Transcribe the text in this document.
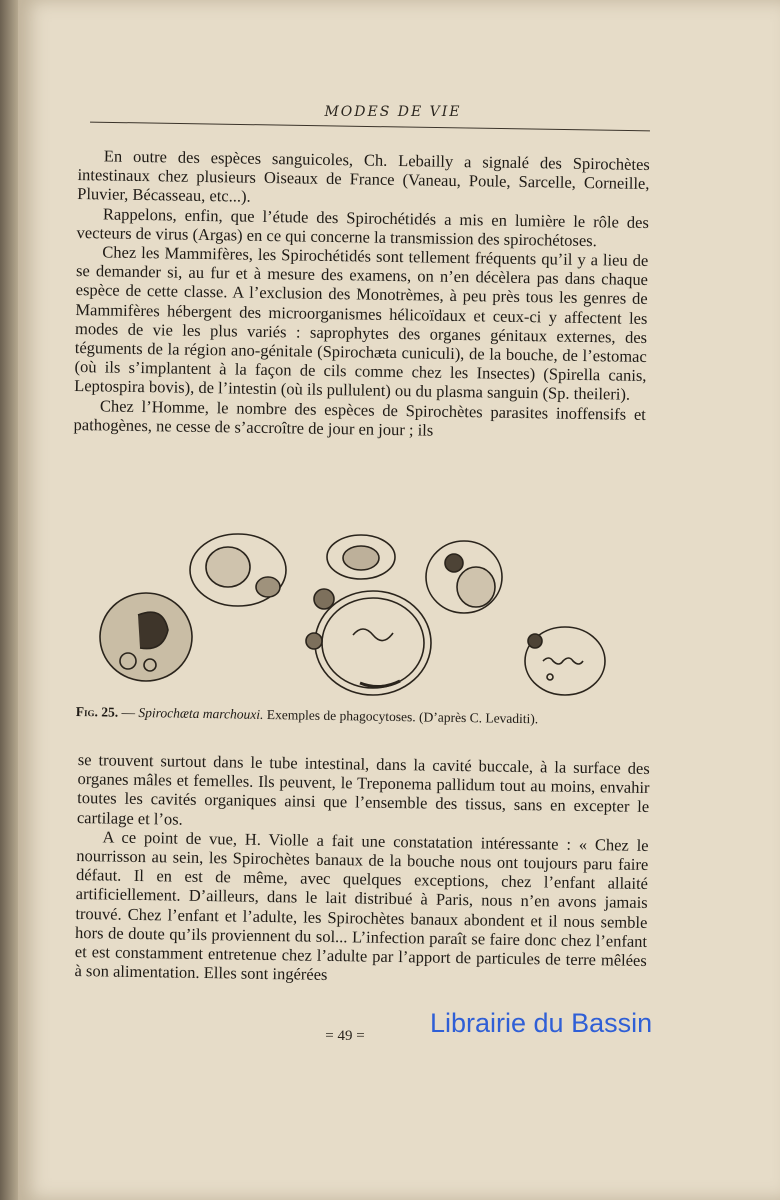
MODES DE VIE

En outre des espèces sanguicoles, Ch. Lebailly a signalé des Spirochètes intestinaux chez plusieurs Oiseaux de France (Vaneau, Poule, Sarcelle, Corneille, Pluvier, Bécasseau, etc...).

Rappelons, enfin, que l’étude des Spirochétidés a mis en lumière le rôle des vecteurs de virus (Argas) en ce qui concerne la transmission des spirochétoses.

Chez les Mammifères, les Spirochétidés sont tellement fréquents qu’il y a lieu de se demander si, au fur et à mesure des examens, on n’en décèlera pas dans chaque espèce de cette classe. A l’exclusion des Monotrèmes, à peu près tous les genres de Mammifères hébergent des microorganismes hélicoïdaux et ceux-ci y affectent les modes de vie les plus variés : saprophytes des organes génitaux externes, des téguments de la région ano-génitale (Spirochæta cuniculi), de la bouche, de l’estomac (où ils s’implantent à la façon de cils comme chez les Insectes) (Spirella canis, Leptospira bovis), de l’intestin (où ils pullulent) ou du plasma sanguin (Sp. theileri).

Chez l’Homme, le nombre des espèces de Spirochètes parasites inoffensifs et pathogènes, ne cesse de s’accroître de jour en jour ; ils

Fig. 25. — Spirochæta marchouxi. Exemples de phagocytoses. (D’après C. Levaditi).

se trouvent surtout dans le tube intestinal, dans la cavité buccale, à la surface des organes mâles et femelles. Ils peuvent, le Treponema pallidum tout au moins, envahir toutes les cavités organiques ainsi que l’ensemble des tissus, sans en excepter le cartilage et l’os.

A ce point de vue, H. Violle a fait une constatation intéressante : « Chez le nourrisson au sein, les Spirochètes banaux de la bouche nous ont toujours paru faire défaut. Il en est de même, avec quelques exceptions, chez l’enfant allaité artificiellement. D’ailleurs, dans le lait distribué à Paris, nous n’en avons jamais trouvé. Chez l’enfant et l’adulte, les Spirochètes banaux abondent et il nous semble hors de doute qu’ils proviennent du sol... L’infection paraît se faire donc chez l’enfant et est constamment entretenue chez l’adulte par l’apport de particules de terre mêlées à son alimentation. Elles sont ingérées

= 49 =	Librairie du Bassin
